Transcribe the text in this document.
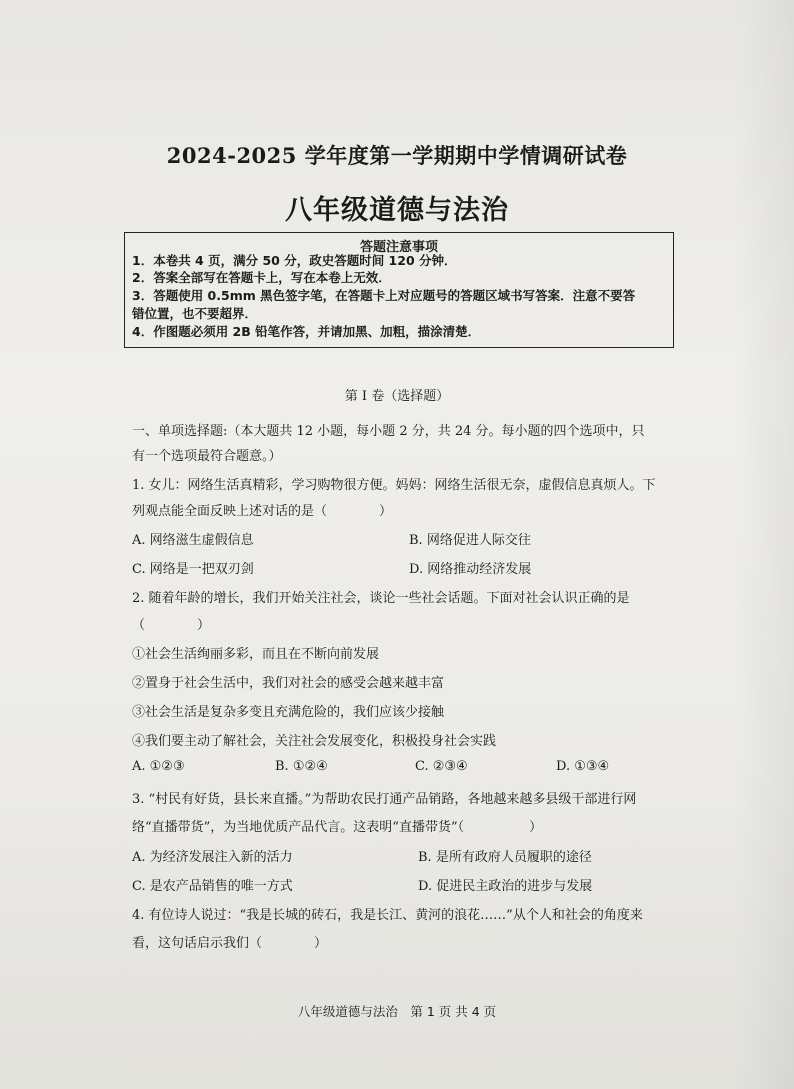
2024-2025 学年度第一学期期中学情调研试卷
八年级道德与法治
答题注意事项
1．本卷共 4 页，满分 50 分，政史答题时间 120 分钟．
2．答案全部写在答题卡上，写在本卷上无效．
3．答题使用 0.5mm 黑色签字笔，在答题卡上对应题号的答题区域书写答案．注意不要答
错位置，也不要超界．
4．作图题必须用 2B 铅笔作答，并请加黑、加粗，描涂清楚．
第 I 卷（选择题）
一、单项选择题:（本大题共 12 小题，每小题 2 分，共 24 分。每小题的四个选项中，只
有一个选项最符合题意。）
1. 女儿：网络生活真精彩，学习购物很方便。妈妈：网络生活很无奈，虚假信息真烦人。下
列观点能全面反映上述对话的是（　　　　）
A. 网络滋生虚假信息	B. 网络促进人际交往
C. 网络是一把双刃剑	D. 网络推动经济发展
2. 随着年龄的增长，我们开始关注社会，谈论一些社会话题。下面对社会认识正确的是
（　　　　）
①社会生活绚丽多彩，而且在不断向前发展
②置身于社会生活中，我们对社会的感受会越来越丰富
③社会生活是复杂多变且充满危险的，我们应该少接触
④我们要主动了解社会，关注社会发展变化，积极投身社会实践
A. ①②③	B. ①②④	C. ②③④	D. ①③④
3. “村民有好货，县长来直播。”为帮助农民打通产品销路，各地越来越多县级干部进行网
络“直播带货”，为当地优质产品代言。这表明“直播带货”（　　　　　）
A. 为经济发展注入新的活力	B. 是所有政府人员履职的途径
C. 是农产品销售的唯一方式	D. 促进民主政治的进步与发展
4. 有位诗人说过：“我是长城的砖石，我是长江、黄河的浪花……”从个人和社会的角度来
看，这句话启示我们（　　　　）
八年级道德与法治　第 1 页 共 4 页
